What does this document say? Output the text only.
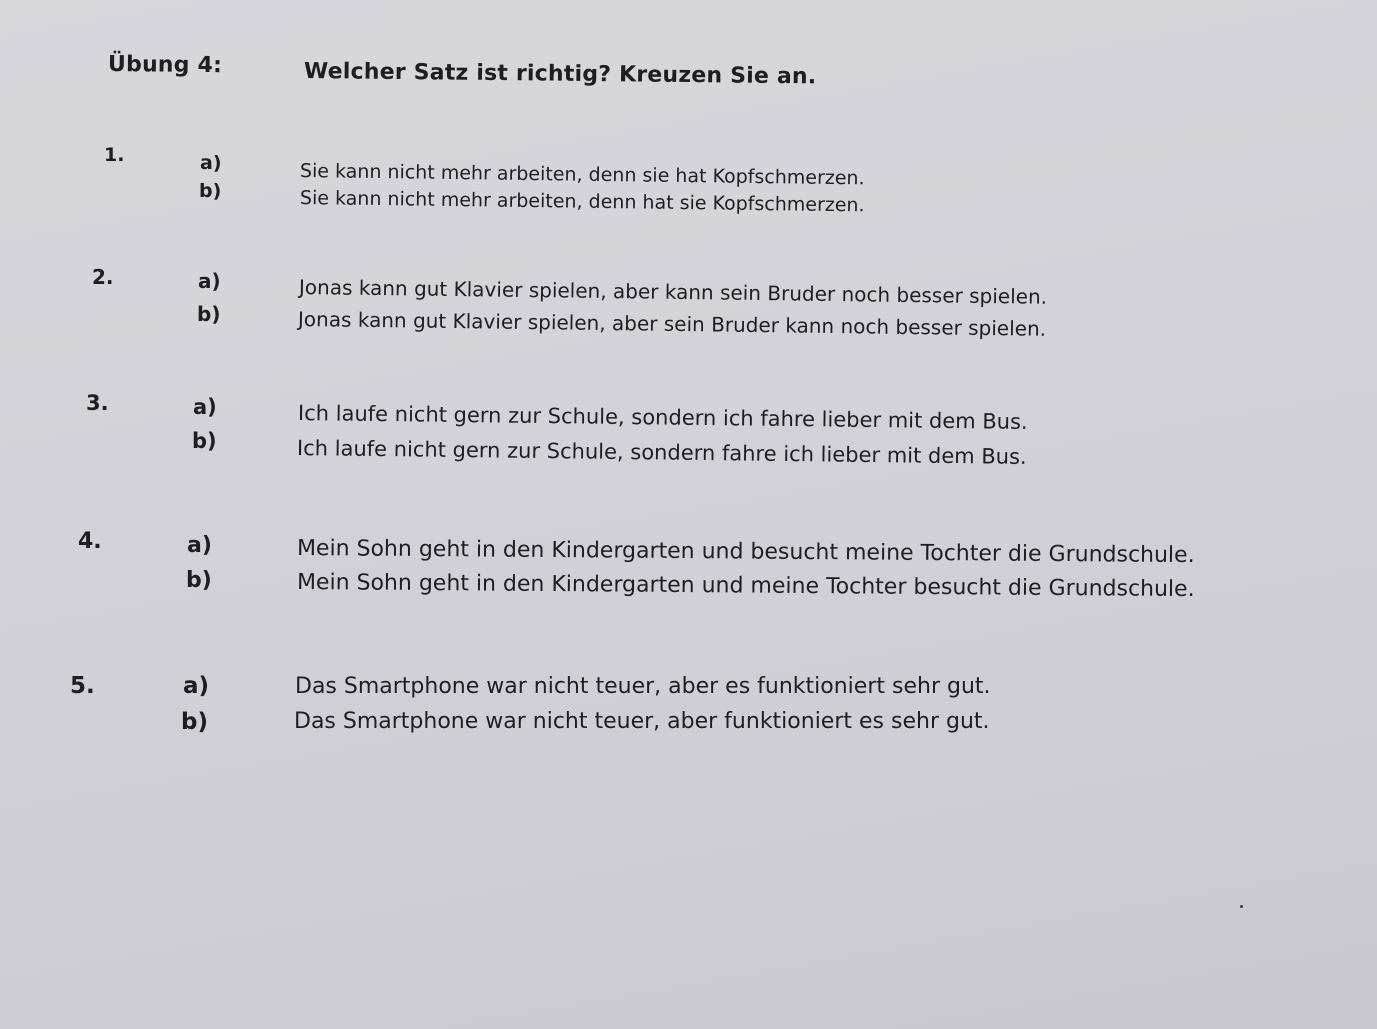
Übung 4:	Welcher Satz ist richtig? Kreuzen Sie an.
1.	a)	Sie kann nicht mehr arbeiten, denn sie hat Kopfschmerzen.
b)	Sie kann nicht mehr arbeiten, denn hat sie Kopfschmerzen.
2.	a)	Jonas kann gut Klavier spielen, aber kann sein Bruder noch besser spielen.
b)	Jonas kann gut Klavier spielen, aber sein Bruder kann noch besser spielen.
3.	a)	Ich laufe nicht gern zur Schule, sondern ich fahre lieber mit dem Bus.
b)	Ich laufe nicht gern zur Schule, sondern fahre ich lieber mit dem Bus.
4.	a)	Mein Sohn geht in den Kindergarten und besucht meine Tochter die Grundschule.
b)	Mein Sohn geht in den Kindergarten und meine Tochter besucht die Grundschule.
5.	a)	Das Smartphone war nicht teuer, aber es funktioniert sehr gut.
b)	Das Smartphone war nicht teuer, aber funktioniert es sehr gut.
